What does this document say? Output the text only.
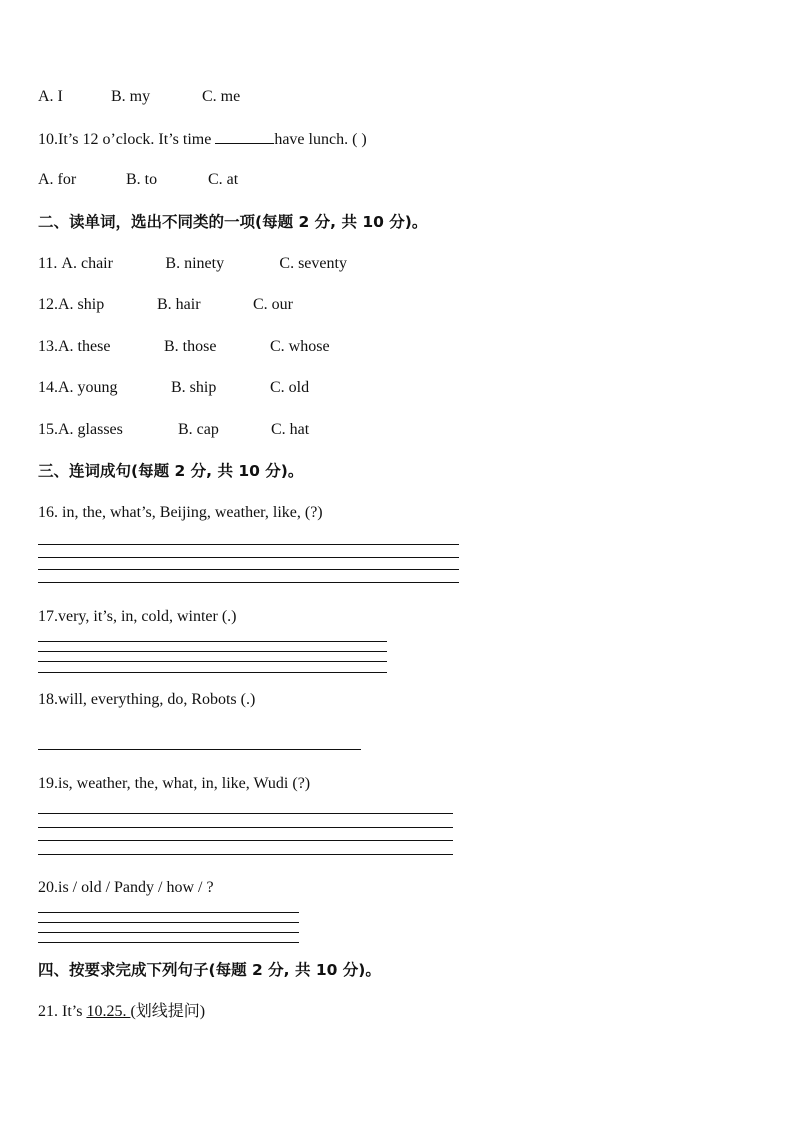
A. I	B. my	C. me
10.It’s 12 o’clock. It’s time	have lunch. ( )
A. for	B. to	C. at
二、读单词，选出不同类的一项(每题 2 分, 共 10 分)。
11. A. chair	B. ninety	C. seventy
12.A. ship	B. hair	C. our
13.A. these	B. those	C. whose
14.A. young	B. ship	C. old
15.A. glasses	B. cap	C. hat
三、连词成句(每题 2 分, 共 10 分)。
16. in, the, what’s, Beijing, weather, like, (?)
17.very, it’s, in, cold, winter (.)
18.will, everything, do, Robots (.)
19.is, weather, the, what, in, like, Wudi (?)
20.is / old / Pandy / how / ?
四、按要求完成下列句子(每题 2 分, 共 10 分)。
21. It’s 10.25. (划线提问)
